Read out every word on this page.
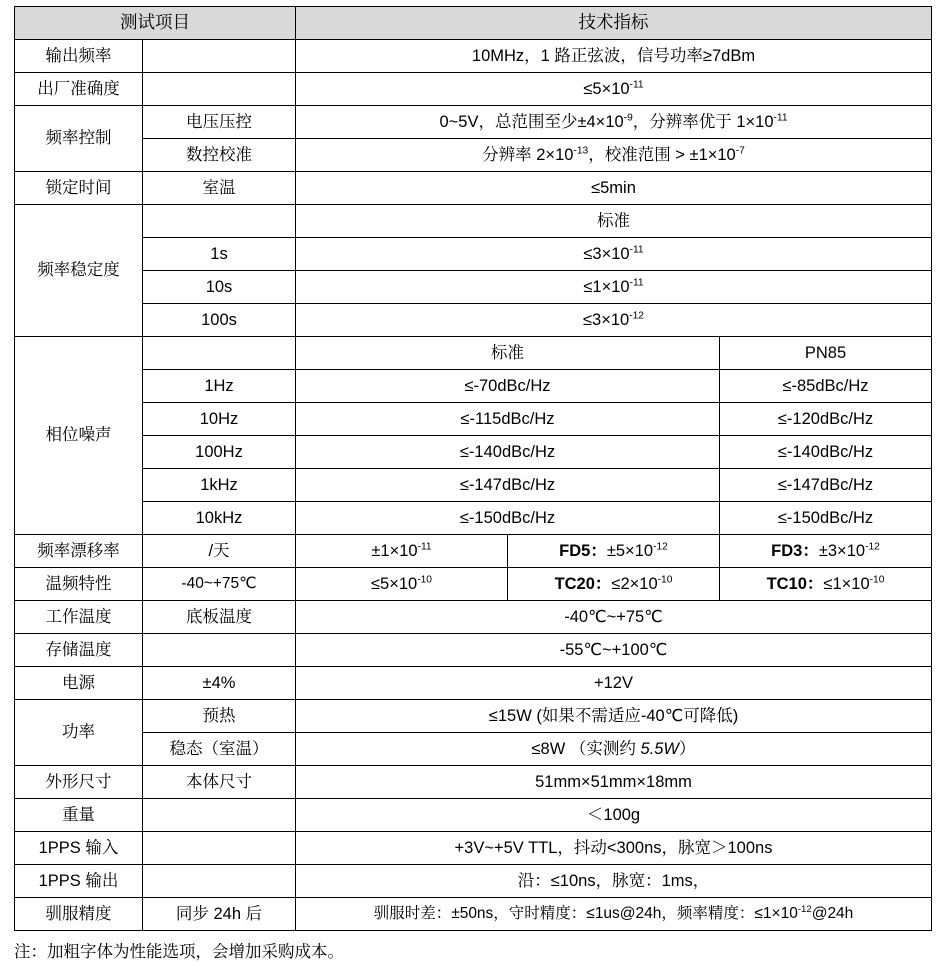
测试项目		技术指标		
输出频率		10MHz，1 路正弦波，信号功率≥7dBm		
出厂准确度		$\le 5\times 10^{-11}$
频率控制	电压压控	0~5V，总范围至少$\pm 4\times 10^{-9}$，分辨率优于 $1\times 10^{-11}$
	数控校准	分辨率 $2\times 10^{-13}$，校准范围 > $\pm 1\times 10^{-7}$
锁定时间	室温	≤5min		
频率稳定度		标准		
	1s	$\le 3\times 10^{-11}$
	10s	$\le 1\times 10^{-11}$
	100s	$\le 3\times 10^{-12}$
相位噪声		标准		PN85
	1Hz	≤-70dBc/Hz		≤-85dBc/Hz
	10Hz	≤-115dBc/Hz		≤-120dBc/Hz
	100Hz	≤-140dBc/Hz		≤-140dBc/Hz
	1kHz	≤-147dBc/Hz		≤-147dBc/Hz
	10kHz	≤-150dBc/Hz		≤-150dBc/Hz
频率漂移率	/天	$\pm 1\times 10^{-11}$	FD5：$\pm 5\times 10^{-12}$	FD3：$\pm 3\times 10^{-12}$
温频特性	-40~+75℃	$\le 5\times 10^{-10}$	TC20：$\le 2\times 10^{-10}$	TC10：$\le 1\times 10^{-10}$
工作温度	底板温度	-40℃~+75℃		
存储温度		-55℃~+100℃		
电源	±4%	+12V		
功率	预热	≤15W (如果不需适应-40℃可降低)		
	稳态（室温）	≤8W （实测约 5.5W）		
外形尺寸	本体尺寸	51mm×51mm×18mm		
重量		＜100g		
1PPS 输入		+3V~+5V TTL，抖动<300ns，脉宽＞100ns		
1PPS 输出		沿：≤10ns，脉宽：1ms，		
驯服精度	同步 24h 后	驯服时差：±50ns，守时精度：≤1us@24h，频率精度：$\le 1\times 10^{-12}@24h$		
注：加粗字体为性能选项，会增加采购成本。
